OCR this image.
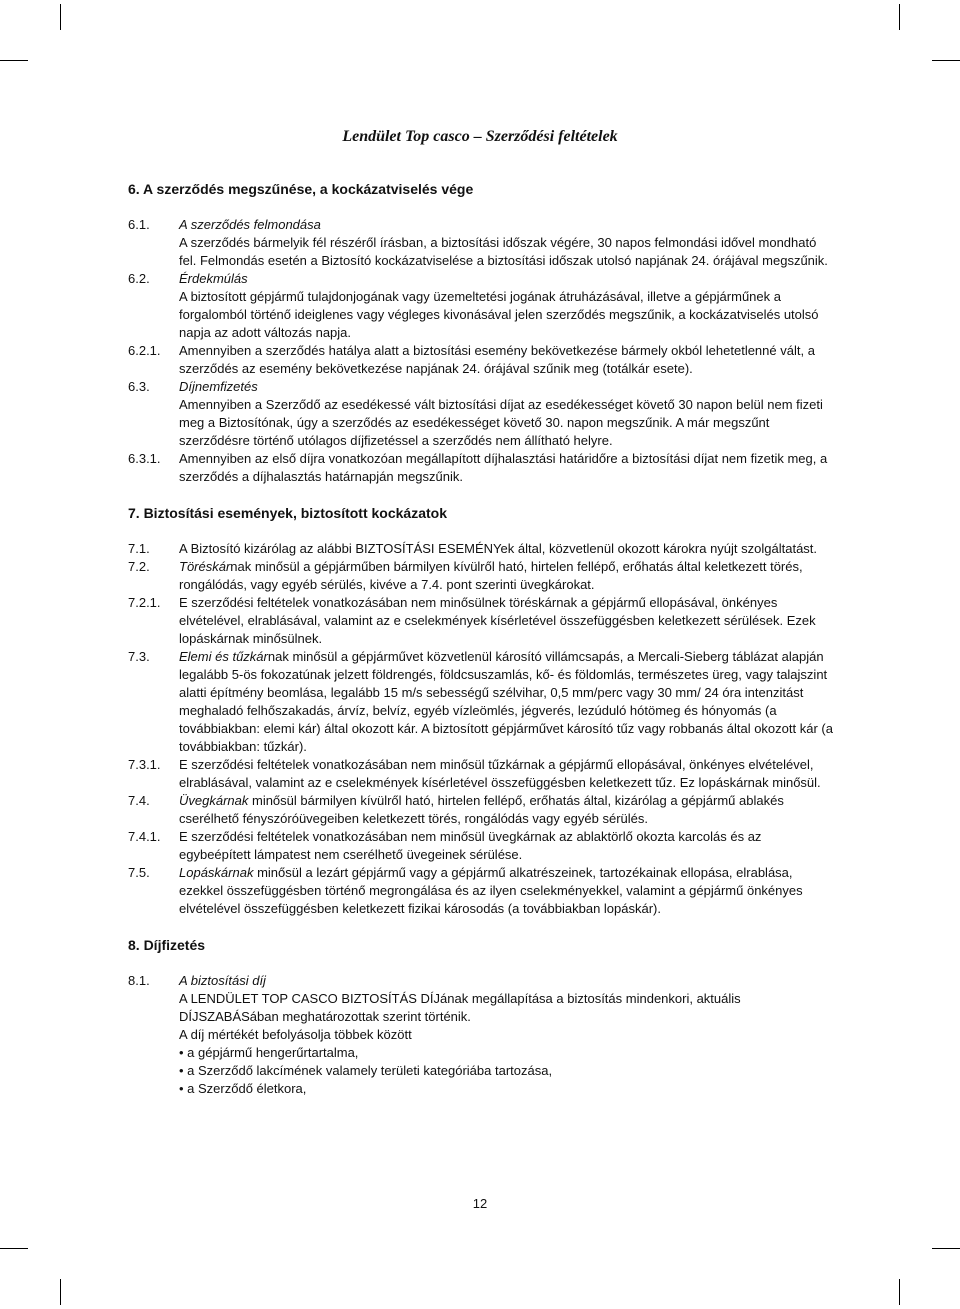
Lendület Top casco – Szerződési feltételek
6. A szerződés megszűnése, a kockázatviselés vége
6.1.	A szerződés felmondása
A szerződés bármelyik fél részéről írásban, a biztosítási időszak végére, 30 napos felmondási idővel mondható fel. Felmondás esetén a Biztosító kockázatviselése a biztosítási időszak utolsó napjának 24. órájával megszűnik.
6.2.	Érdekmúlás
A biztosított gépjármű tulajdonjogának vagy üzemeltetési jogának átruházásával, illetve a gépjárműnek a forgalomból történő ideiglenes vagy végleges kivonásával jelen szerződés megszűnik, a kockázatviselés utolsó napja az adott változás napja.
6.2.1.	Amennyiben a szerződés hatálya alatt a biztosítási esemény bekövetkezése bármely okból lehetetlenné vált, a szerződés az esemény bekövetkezése napjának 24. órájával szűnik meg (totálkár esete).
6.3.	Díjnemfizetés
Amennyiben a Szerződő az esedékessé vált biztosítási díjat az esedékességet követő 30 napon belül nem fizeti meg a Biztosítónak, úgy a szerződés az esedékességet követő 30. napon megszűnik. A már megszűnt szerződésre történő utólagos díjfizetéssel a szerződés nem állítható helyre.
6.3.1.	Amennyiben az első díjra vonatkozóan megállapított díjhalasztási határidőre a biztosítási díjat nem fizetik meg, a szerződés a díjhalasztás határnapján megszűnik.
7. Biztosítási események, biztosított kockázatok
7.1.	A Biztosító kizárólag az alábbi BIZTOSÍTÁSI ESEMÉNYek által, közvetlenül okozott károkra nyújt szolgáltatást.
7.2.	Töréskárnak minősül a gépjárműben bármilyen kívülről ható, hirtelen fellépő, erőhatás által keletkezett törés, rongálódás, vagy egyéb sérülés, kivéve a 7.4. pont szerinti üvegkárokat.
7.2.1.	E szerződési feltételek vonatkozásában nem minősülnek töréskárnak a gépjármű ellopásával, önkényes elvételével, elrablásával, valamint az e cselekmények kísérletével összefüggésben keletkezett sérülések. Ezek lopáskárnak minősülnek.
7.3.	Elemi és tűzkárnak minősül a gépjárművet közvetlenül károsító villámcsapás, a Mercali-Sieberg táblázat alapján legalább 5-ös fokozatúnak jelzett földrengés, földcsuszamlás, kő- és földomlás, természetes üreg, vagy talajszint alatti építmény beomlása, legalább 15 m/s sebességű szélvihar, 0,5 mm/perc vagy 30 mm/ 24 óra intenzitást meghaladó felhőszakadás, árvíz, belvíz, egyéb vízleömlés, jégverés, lezúduló hótömeg és hónyomás (a továbbiakban: elemi kár) által okozott kár. A biztosított gépjárművet károsító tűz vagy robbanás által okozott kár (a továbbiakban: tűzkár).
7.3.1.	E szerződési feltételek vonatkozásában nem minősül tűzkárnak a gépjármű ellopásával, önkényes elvételével, elrablásával, valamint az e cselekmények kísérletével összefüggésben keletkezett tűz. Ez lopáskárnak minősül.
7.4.	Üvegkárnak minősül bármilyen kívülről ható, hirtelen fellépő, erőhatás által, kizárólag a gépjármű ablakés cserélhető fényszóróüvegeiben keletkezett törés, rongálódás vagy egyéb sérülés.
7.4.1.	E szerződési feltételek vonatkozásában nem minősül üvegkárnak az ablaktörlő okozta karcolás és az egybeépített lámpatest nem cserélhető üvegeinek sérülése.
7.5.	Lopáskárnak minősül a lezárt gépjármű vagy a gépjármű alkatrészeinek, tartozékainak ellopása, elrablása, ezekkel összefüggésben történő megrongálása és az ilyen cselekményekkel, valamint a gépjármű önkényes elvételével összefüggésben keletkezett fizikai károsodás (a továbbiakban lopáskár).
8. Díjfizetés
8.1.	A biztosítási díj
A LENDÜLET TOP CASCO BIZTOSÍTÁS DÍJának megállapítása a biztosítás mindenkori, aktuális DÍJSZABÁSában meghatározottak szerint történik.
A díj mértékét befolyásolja többek között
• a gépjármű hengerűrtartalma,
• a Szerződő lakcímének valamely területi kategóriába tartozása,
• a Szerződő életkora,
12
